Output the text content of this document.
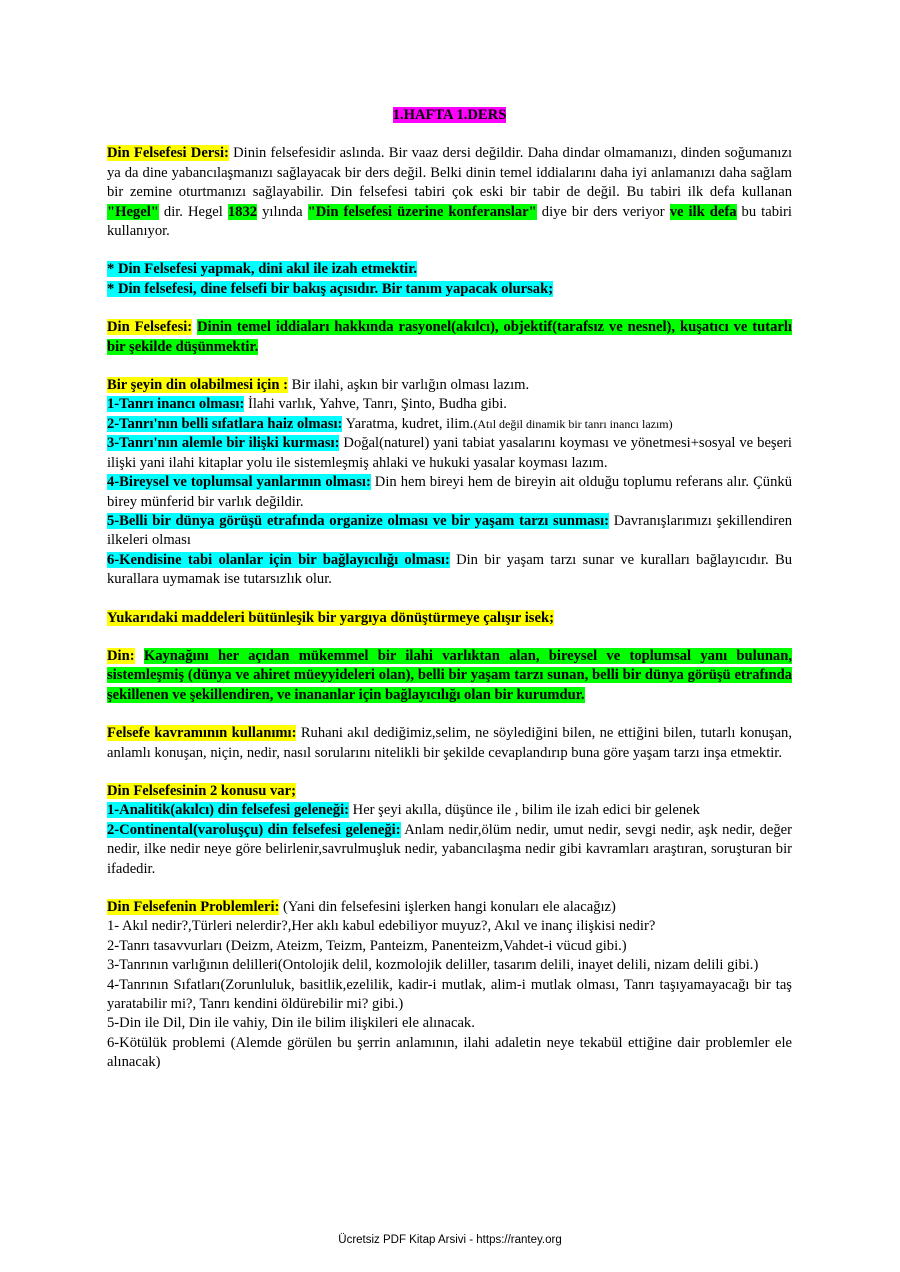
1.HAFTA 1.DERS

Din Felsefesi Dersi: Dinin felsefesidir aslında. Bir vaaz dersi değildir. Daha dindar olmamanızı, dinden soğumanızı ya da dine yabancılaşmanızı sağlayacak bir ders değil. Belki dinin temel iddialarını daha iyi anlamanızı daha sağlam bir zemine oturtmanızı sağlayabilir. Din felsefesi tabiri çok eski bir tabir de değil. Bu tabiri ilk defa kullanan "Hegel" dir. Hegel 1832 yılında "Din felsefesi üzerine konferanslar" diye bir ders veriyor ve ilk defa bu tabiri kullanıyor.

* Din Felsefesi yapmak, dini akıl ile izah etmektir.

* Din felsefesi, dine felsefi bir bakış açısıdır. Bir tanım yapacak olursak;

Din Felsefesi: Dinin temel iddiaları hakkında rasyonel(akılcı), objektif(tarafsız ve nesnel), kuşatıcı ve tutarlı bir şekilde düşünmektir.

Bir şeyin din olabilmesi için : Bir ilahi, aşkın bir varlığın olması lazım.

1-Tanrı inancı olması: İlahi varlık, Yahve, Tanrı, Şinto, Budha gibi.

2-Tanrı'nın belli sıfatlara haiz olması: Yaratma, kudret, ilim.(Atıl değil dinamik bir tanrı inancı lazım)

3-Tanrı'nın alemle bir ilişki kurması: Doğal(naturel) yani tabiat yasalarını koyması ve yönetmesi+sosyal ve beşeri ilişki yani ilahi kitaplar yolu ile sistemleşmiş ahlaki ve hukuki yasalar koyması lazım.

4-Bireysel ve toplumsal yanlarının olması: Din hem bireyi hem de bireyin ait olduğu toplumu referans alır. Çünkü birey münferid bir varlık değildir.

5-Belli bir dünya görüşü etrafında organize olması ve bir yaşam tarzı sunması: Davranışlarımızı şekillendiren ilkeleri olması

6-Kendisine tabi olanlar için bir bağlayıcılığı olması: Din bir yaşam tarzı sunar ve kuralları bağlayıcıdır. Bu kurallara uymamak ise tutarsızlık olur.

Yukarıdaki maddeleri bütünleşik bir yargıya dönüştürmeye çalışır isek;

Din: Kaynağını her açıdan mükemmel bir ilahi varlıktan alan, bireysel ve toplumsal yanı bulunan, sistemleşmiş (dünya ve ahiret müeyyideleri olan), belli bir yaşam tarzı sunan, belli bir dünya görüşü etrafında şekillenen ve şekillendiren, ve inananlar için bağlayıcılığı olan bir kurumdur.

Felsefe kavramının kullanımı: Ruhani akıl dediğimiz,selim, ne söylediğini bilen, ne ettiğini bilen, tutarlı konuşan, anlamlı konuşan, niçin, nedir, nasıl sorularını nitelikli bir şekilde cevaplandırıp buna göre yaşam tarzı inşa etmektir.

Din Felsefesinin 2 konusu var;

1-Analitik(akılcı) din felsefesi geleneği: Her şeyi akılla, düşünce ile , bilim ile izah edici bir gelenek

2-Continental(varoluşçu) din felsefesi geleneği: Anlam nedir,ölüm nedir, umut nedir, sevgi nedir, aşk nedir, değer nedir, ilke nedir neye göre belirlenir,savrulmuşluk nedir, yabancılaşma nedir gibi kavramları araştıran, soruşturan bir ifadedir.

Din Felsefenin Problemleri: (Yani din felsefesini işlerken hangi konuları ele alacağız)

1- Akıl nedir?,Türleri nelerdir?,Her aklı kabul edebiliyor muyuz?, Akıl ve inanç ilişkisi nedir?

2-Tanrı tasavvurları (Deizm, Ateizm, Teizm, Panteizm, Panenteizm,Vahdet-i vücud gibi.)

3-Tanrının varlığının delilleri(Ontolojik delil, kozmolojik deliller, tasarım delili, inayet delili, nizam delili gibi.)

4-Tanrının Sıfatları(Zorunluluk, basitlik,ezelilik, kadir-i mutlak, alim-i mutlak olması, Tanrı taşıyamayacağı bir taş yaratabilir mi?, Tanrı kendini öldürebilir mi? gibi.)

5-Din ile Dil, Din ile vahiy, Din ile bilim ilişkileri ele alınacak.

6-Kötülük problemi (Alemde görülen bu şerrin anlamının, ilahi adaletin neye tekabül ettiğine dair problemler ele alınacak)

Ücretsiz PDF Kitap Arsivi - https://rantey.org
